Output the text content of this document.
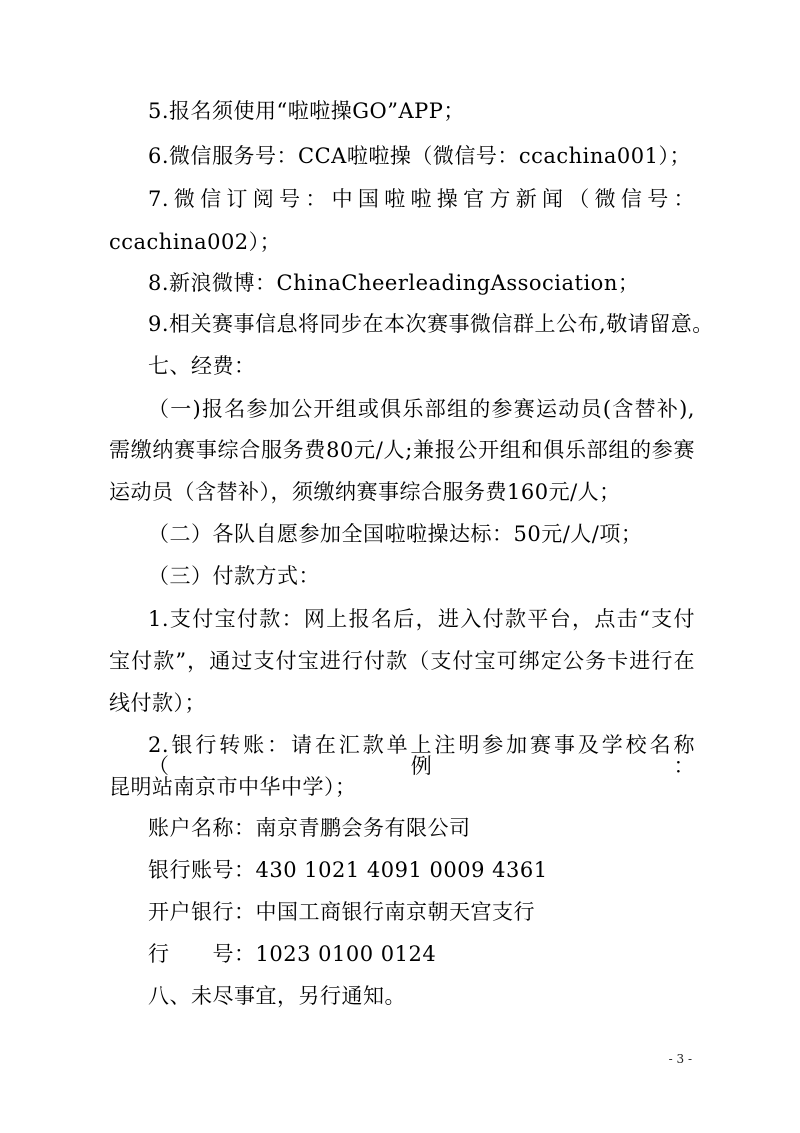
5.报名须使用“啦啦操GO”APP；
6.微信服务号：CCA啦啦操（微信号：ccachina001）；
7.微信订阅号：中国啦啦操官方新闻（微信号：
ccachina002）；
8.新浪微博：ChinaCheerleadingAssociation；
9.相关赛事信息将同步在本次赛事微信群上公布,敬请留意。
七、经费：
（一)报名参加公开组或俱乐部组的参赛运动员(含替补),
需缴纳赛事综合服务费80元/人;兼报公开组和俱乐部组的参赛
运动员（含替补），须缴纳赛事综合服务费160元/人；
（二）各队自愿参加全国啦啦操达标：50元/人/项；
（三）付款方式：
1.支付宝付款：网上报名后，进入付款平台，点击“支付
宝付款”，通过支付宝进行付款（支付宝可绑定公务卡进行在
线付款）；
2.银行转账：请在汇款单上注明参加赛事及学校名称（例：
昆明站南京市中华中学）；
账户名称：南京青鹏会务有限公司
银行账号：430 1021 4091 0009 4361
开户银行：中国工商银行南京朝天宫支行
行      号：1023 0100 0124
八、未尽事宜，另行通知。
- 3 -
